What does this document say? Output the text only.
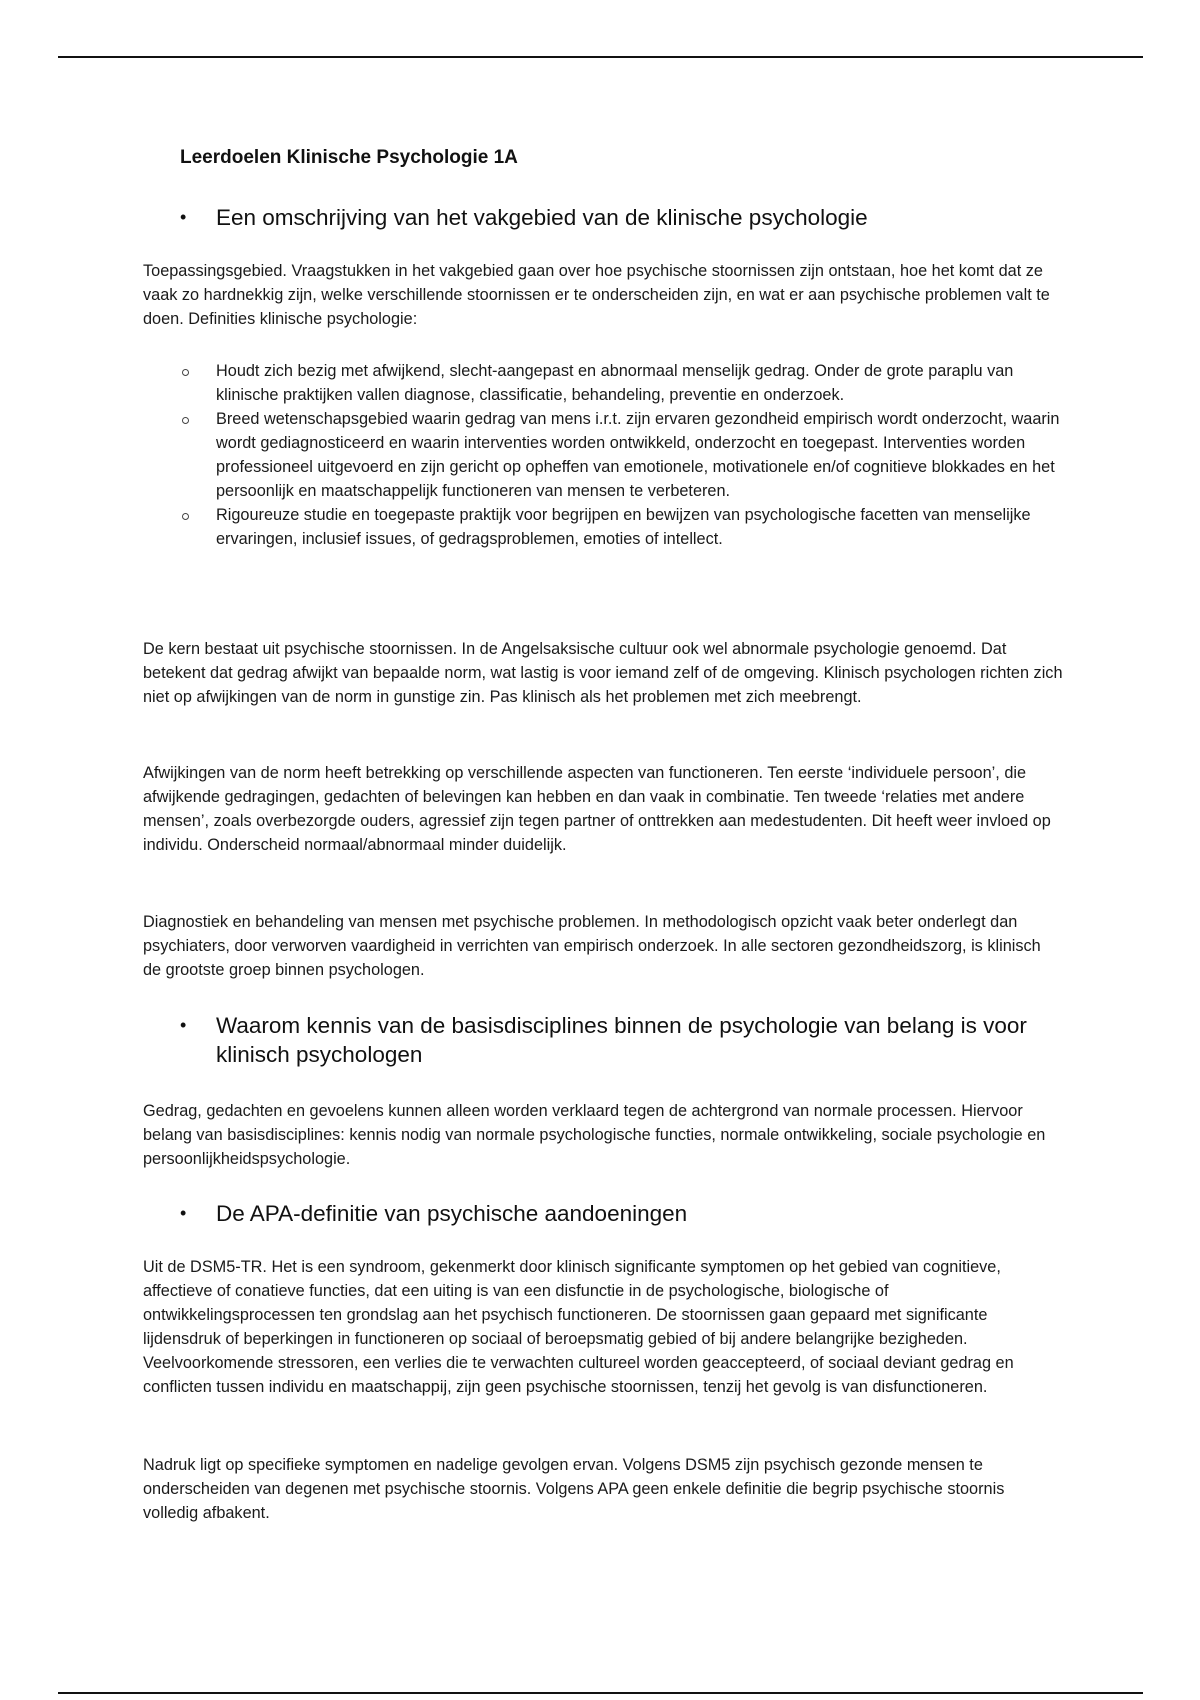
Leerdoelen Klinische Psychologie 1A
•	Een omschrijving van het vakgebied van de klinische psychologie

Toepassingsgebied. Vraagstukken in het vakgebied gaan over hoe psychische stoornissen zijn ontstaan, hoe het komt dat ze vaak zo hardnekkig zijn, welke verschillende stoornissen er te onderscheiden zijn, en wat er aan psychische problemen valt te doen. Definities klinische psychologie:

Houdt zich bezig met afwijkend, slecht-aangepast en abnormaal menselijk gedrag. Onder de grote paraplu van klinische praktijken vallen diagnose, classificatie, behandeling, preventie en onderzoek.
Breed wetenschapsgebied waarin gedrag van mens i.r.t. zijn ervaren gezondheid empirisch wordt onderzocht, waarin wordt gediagnosticeerd en waarin interventies worden ontwikkeld, onderzocht en toegepast. Interventies worden professioneel uitgevoerd en zijn gericht op opheffen van emotionele, motivationele en/of cognitieve blokkades en het persoonlijk en maatschappelijk functioneren van mensen te verbeteren.
Rigoureuze studie en toegepaste praktijk voor begrijpen en bewijzen van psychologische facetten van menselijke ervaringen, inclusief issues, of gedragsproblemen, emoties of intellect.

De kern bestaat uit psychische stoornissen. In de Angelsaksische cultuur ook wel abnormale psychologie genoemd. Dat betekent dat gedrag afwijkt van bepaalde norm, wat lastig is voor iemand zelf of de omgeving. Klinisch psychologen richten zich niet op afwijkingen van de norm in gunstige zin. Pas klinisch als het problemen met zich meebrengt.

Afwijkingen van de norm heeft betrekking op verschillende aspecten van functioneren. Ten eerste ‘individuele persoon’, die afwijkende gedragingen, gedachten of belevingen kan hebben en dan vaak in combinatie. Ten tweede ‘relaties met andere mensen’, zoals overbezorgde ouders, agressief zijn tegen partner of onttrekken aan medestudenten. Dit heeft weer invloed op individu. Onderscheid normaal/abnormaal minder duidelijk.

Diagnostiek en behandeling van mensen met psychische problemen. In methodologisch opzicht vaak beter onderlegt dan psychiaters, door verworven vaardigheid in verrichten van empirisch onderzoek. In alle sectoren gezondheidszorg, is klinisch de grootste groep binnen psychologen.

•	Waarom kennis van de basisdisciplines binnen de psychologie van belang is voor klinisch psychologen

Gedrag, gedachten en gevoelens kunnen alleen worden verklaard tegen de achtergrond van normale processen. Hiervoor belang van basisdisciplines: kennis nodig van normale psychologische functies, normale ontwikkeling, sociale psychologie en persoonlijkheidspsychologie.

•	De APA-definitie van psychische aandoeningen

Uit de DSM5-TR. Het is een syndroom, gekenmerkt door klinisch significante symptomen op het gebied van cognitieve, affectieve of conatieve functies, dat een uiting is van een disfunctie in de psychologische, biologische of ontwikkelingsprocessen ten grondslag aan het psychisch functioneren. De stoornissen gaan gepaard met significante lijdensdruk of beperkingen in functioneren op sociaal of beroepsmatig gebied of bij andere belangrijke bezigheden. Veelvoorkomende stressoren, een verlies die te verwachten cultureel worden geaccepteerd, of sociaal deviant gedrag en conflicten tussen individu en maatschappij, zijn geen psychische stoornissen, tenzij het gevolg is van disfunctioneren.

Nadruk ligt op specifieke symptomen en nadelige gevolgen ervan. Volgens DSM5 zijn psychisch gezonde mensen te onderscheiden van degenen met psychische stoornis. Volgens APA geen enkele definitie die begrip psychische stoornis volledig afbakent.
